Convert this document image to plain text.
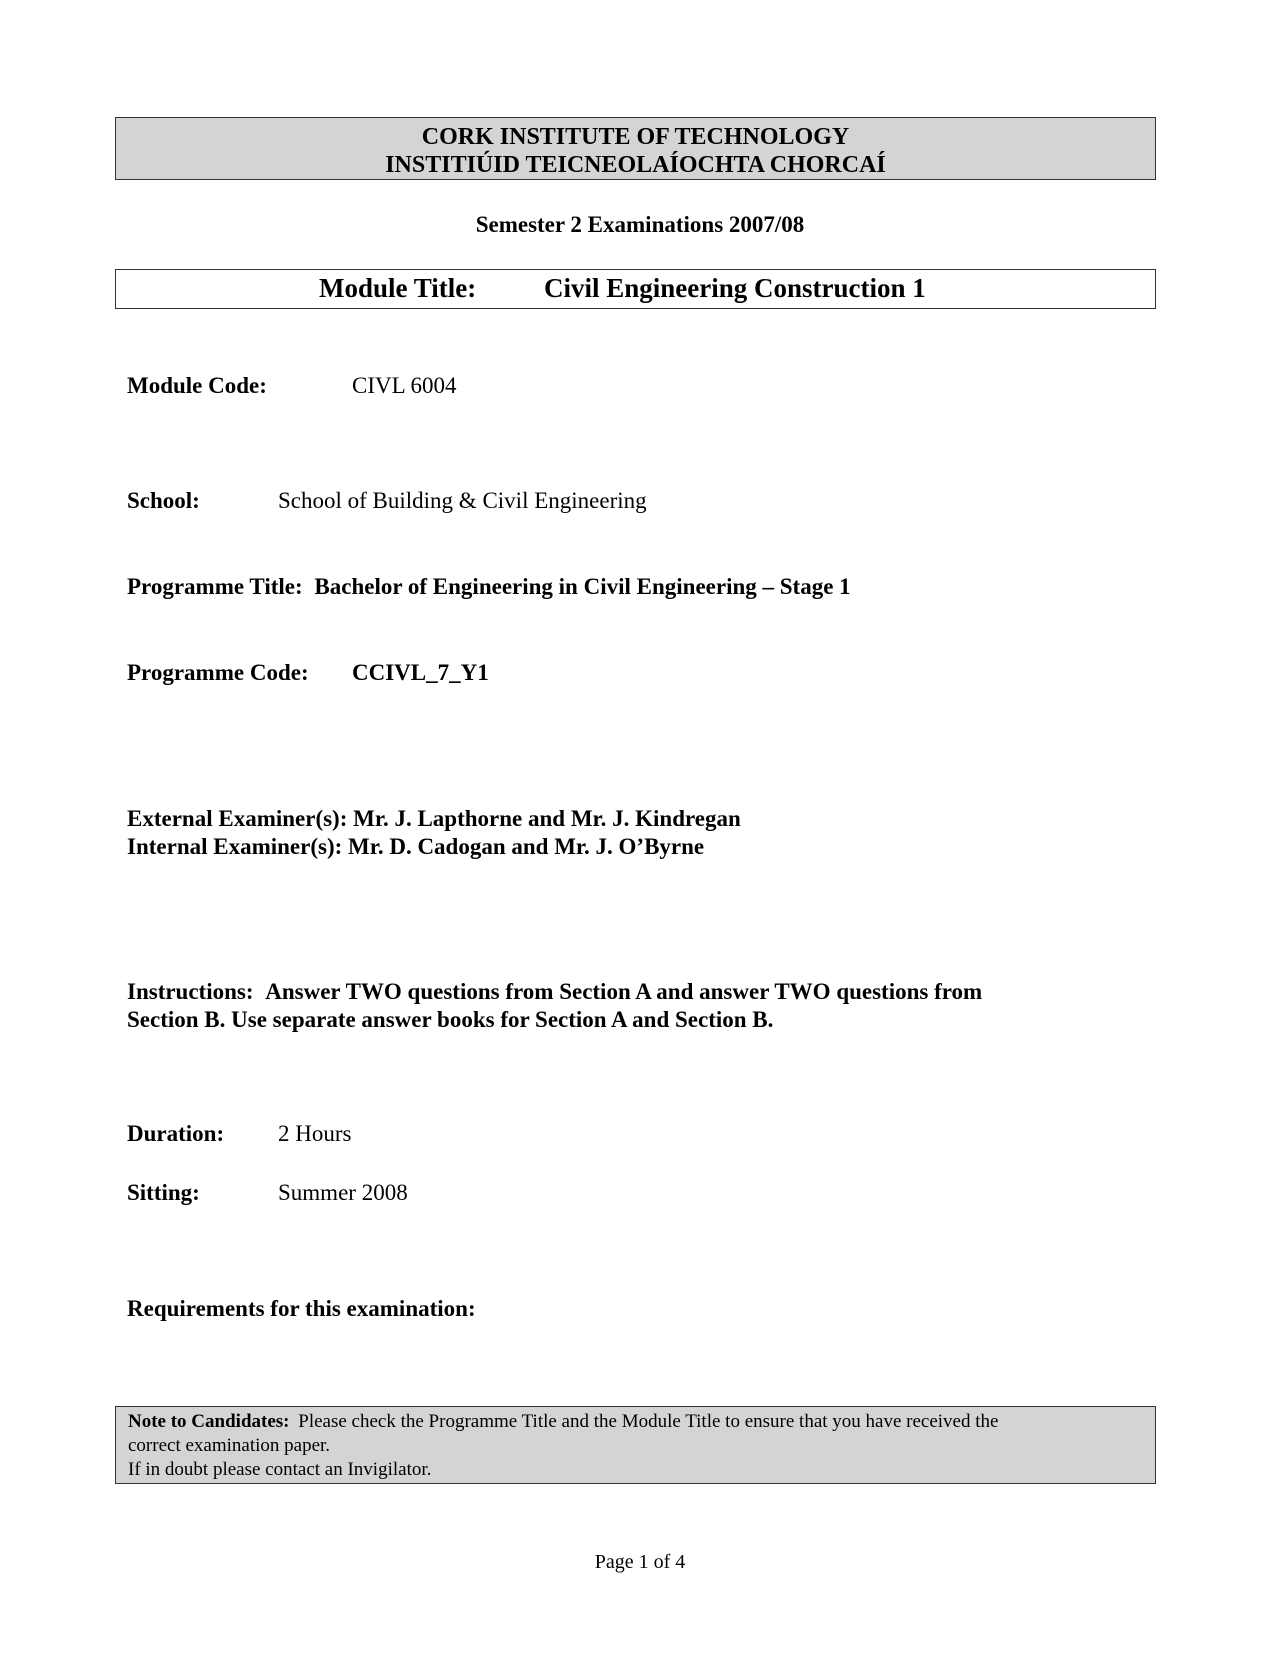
CORK INSTITUTE OF TECHNOLOGY
INSTITIÚID TEICNEOLAÍOCHTA CHORCAÍ
Semester 2 Examinations 2007/08
Module Title:	Civil Engineering Construction 1
Module Code:	CIVL 6004
School:	School of Building & Civil Engineering
Programme Title: Bachelor of Engineering in Civil Engineering – Stage 1
Programme Code: CCIVL_7_Y1
External Examiner(s): Mr. J. Lapthorne and Mr. J. Kindregan
Internal Examiner(s): Mr. D. Cadogan and Mr. J. O’Byrne
Instructions: Answer TWO questions from Section A and answer TWO questions from
Section B. Use separate answer books for Section A and Section B.
Duration: 2 Hours
Sitting:	Summer 2008
Requirements for this examination:
Note to Candidates: Please check the Programme Title and the Module Title to ensure that you have received the
correct examination paper.
If in doubt please contact an Invigilator.
Page 1 of 4
